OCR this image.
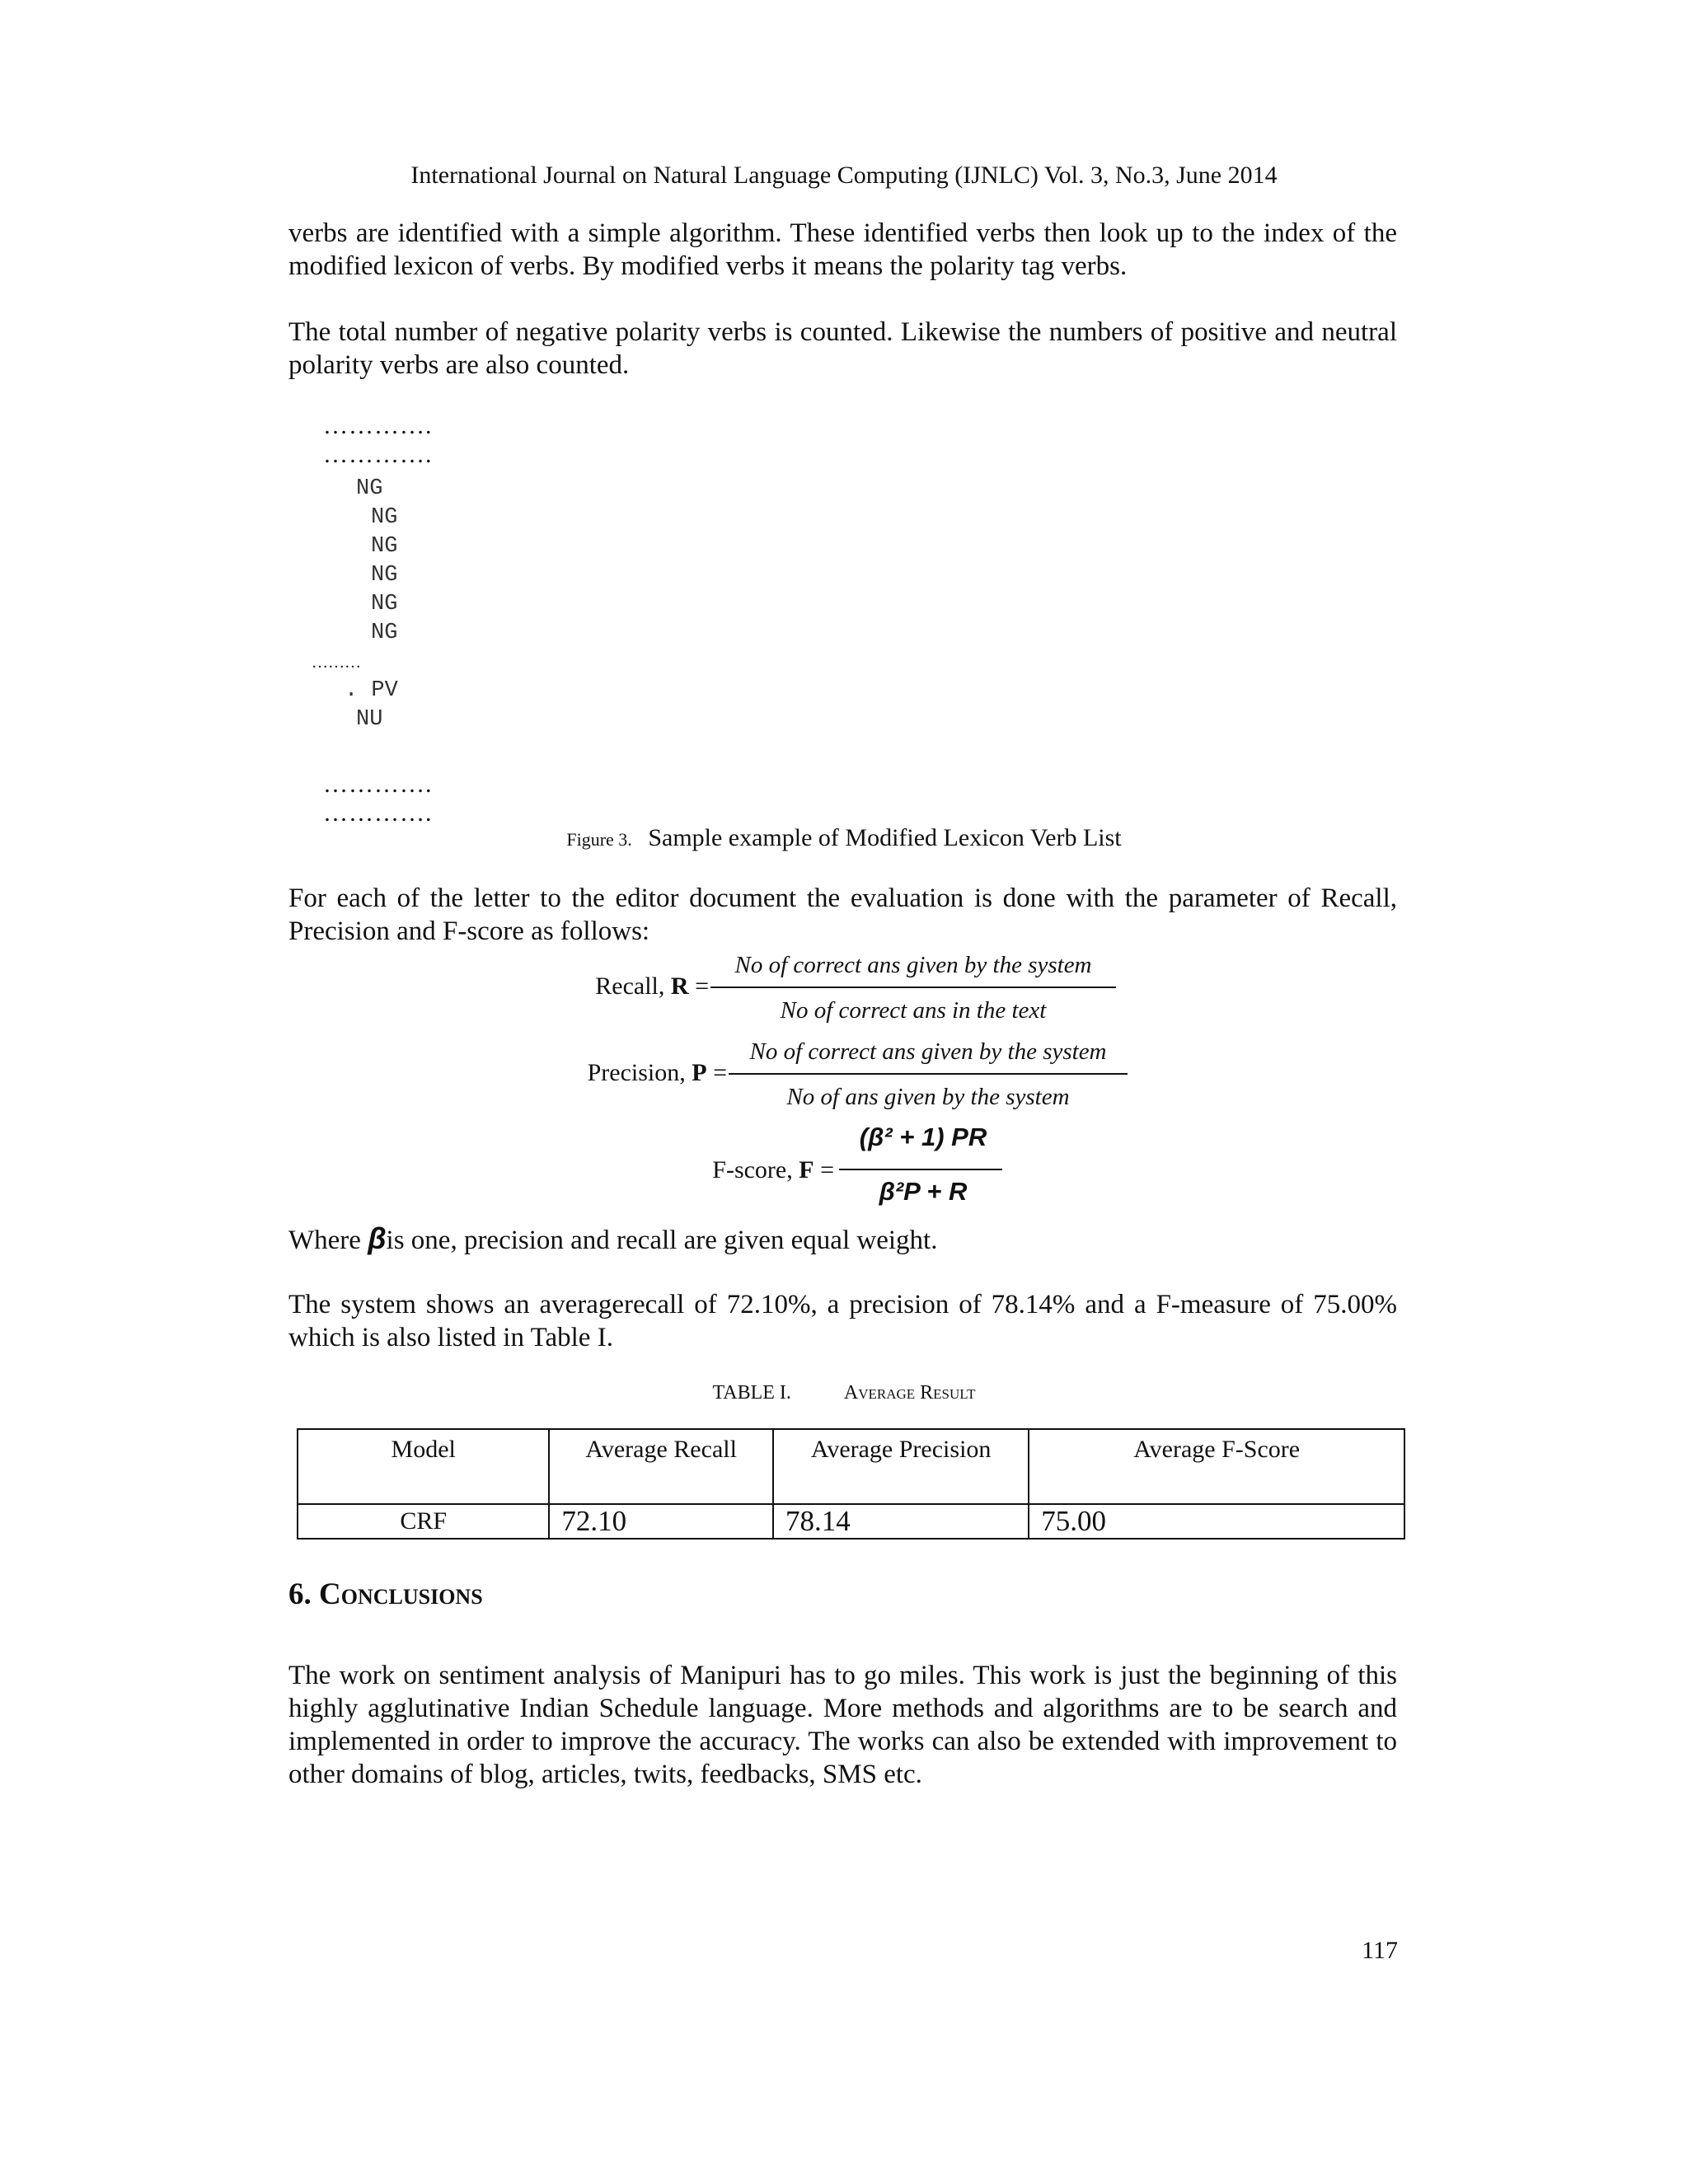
International Journal on Natural Language Computing (IJNLC) Vol. 3, No.3, June 2014
verbs are identified with a simple algorithm. These identified verbs then look up to the index of the modified lexicon of verbs. By modified verbs it means the polarity tag verbs.
The total number of negative polarity verbs is counted. Likewise the numbers of positive and neutral polarity verbs are also counted.
………….
………….
NG
NG
NG
NG
NG
NG
………
. PV
NU
………….
………….
Figure 3. Sample example of Modified Lexicon Verb List
For each of the letter to the editor document the evaluation is done with the parameter of Recall, Precision and F-score as follows:
Recall, R =
No of correct ans given by the system
No of correct ans in the text
Precision, P =
No of correct ans given by the system
No of ans given by the system
F-score, F =
(β² + 1) PR
β²P + R
Where βis one, precision and recall are given equal weight.
The system shows an averagerecall of 72.10%, a precision of 78.14% and a F-measure of 75.00% which is also listed in Table I.
TABLE I.	Average Result
Model	Average Recall	Average Precision	Average F-Score
CRF	72.10	78.14	75.00
6. Conclusions
The work on sentiment analysis of Manipuri has to go miles. This work is just the beginning of this highly agglutinative Indian Schedule language. More methods and algorithms are to be search and implemented in order to improve the accuracy. The works can also be extended with improvement to other domains of blog, articles, twits, feedbacks, SMS etc.
117
